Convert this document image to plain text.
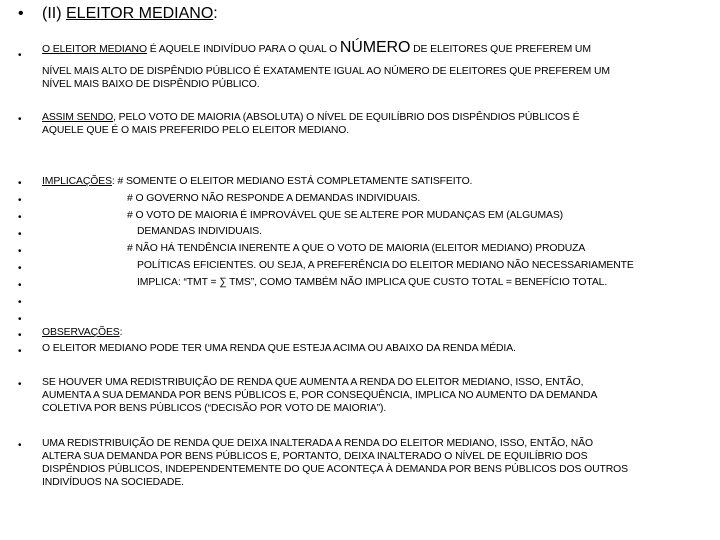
• (II) ELEITOR MEDIANO:
•
O ELEITOR MEDIANO É AQUELE INDIVÍDUO PARA O QUAL O NÚMERO DE ELEITORES QUE PREFEREM UM
NÍVEL MAIS ALTO DE DISPÊNDIO PÚBLICO É EXATAMENTE IGUAL AO NÚMERO DE ELEITORES QUE PREFEREM UM
NÍVEL MAIS BAIXO DE DISPÊNDIO PÚBLICO.
• ASSIM SENDO, PELO VOTO DE MAIORIA (ABSOLUTA) O NÍVEL DE EQUILÍBRIO DOS DISPÊNDIOS PÚBLICOS É
AQUELE QUE É O MAIS PREFERIDO PELO ELEITOR MEDIANO.
•
•
•
•
•
•
•
•
•
•
•
IMPLICAÇÕES: # SOMENTE O ELEITOR MEDIANO ESTÁ COMPLETAMENTE SATISFEITO.
# O GOVERNO NÃO RESPONDE A DEMANDAS INDIVIDUAIS.
# O VOTO DE MAIORIA É IMPROVÁVEL QUE SE ALTERE POR MUDANÇAS EM (ALGUMAS)
DEMANDAS INDIVIDUAIS.
# NÃO HÁ TENDÊNCIA INERENTE A QUE O VOTO DE MAIORIA (ELEITOR MEDIANO) PRODUZA
POLÍTICAS EFICIENTES. OU SEJA, A PREFERÊNCIA DO ELEITOR MEDIANO NÃO NECESSARIAMENTE
IMPLICA: “TMT = ∑ TMS”, COMO TAMBÉM NÃO IMPLICA QUE CUSTO TOTAL = BENEFÍCIO TOTAL.
OBSERVAÇÕES:
O ELEITOR MEDIANO PODE TER UMA RENDA QUE ESTEJA ACIMA OU ABAIXO DA RENDA MÉDIA.
• SE HOUVER UMA REDISTRIBUIÇÃO DE RENDA QUE AUMENTA A RENDA DO ELEITOR MEDIANO, ISSO, ENTÃO,
AUMENTA A SUA DEMANDA POR BENS PÚBLICOS E, POR CONSEQUÊNCIA, IMPLICA NO AUMENTO DA DEMANDA
COLETIVA POR BENS PÚBLICOS (“DECISÃO POR VOTO DE MAIORIA”).
• UMA REDISTRIBUIÇÃO DE RENDA QUE DEIXA INALTERADA A RENDA DO ELEITOR MEDIANO, ISSO, ENTÃO, NÃO
ALTERA SUA DEMANDA POR BENS PÚBLICOS E, PORTANTO, DEIXA INALTERADO O NÍVEL DE EQUILÍBRIO DOS
DISPÊNDIOS PÚBLICOS, INDEPENDENTEMENTE DO QUE ACONTEÇA À DEMANDA POR BENS PÚBLICOS DOS OUTROS
INDIVÍDUOS NA SOCIEDADE.
